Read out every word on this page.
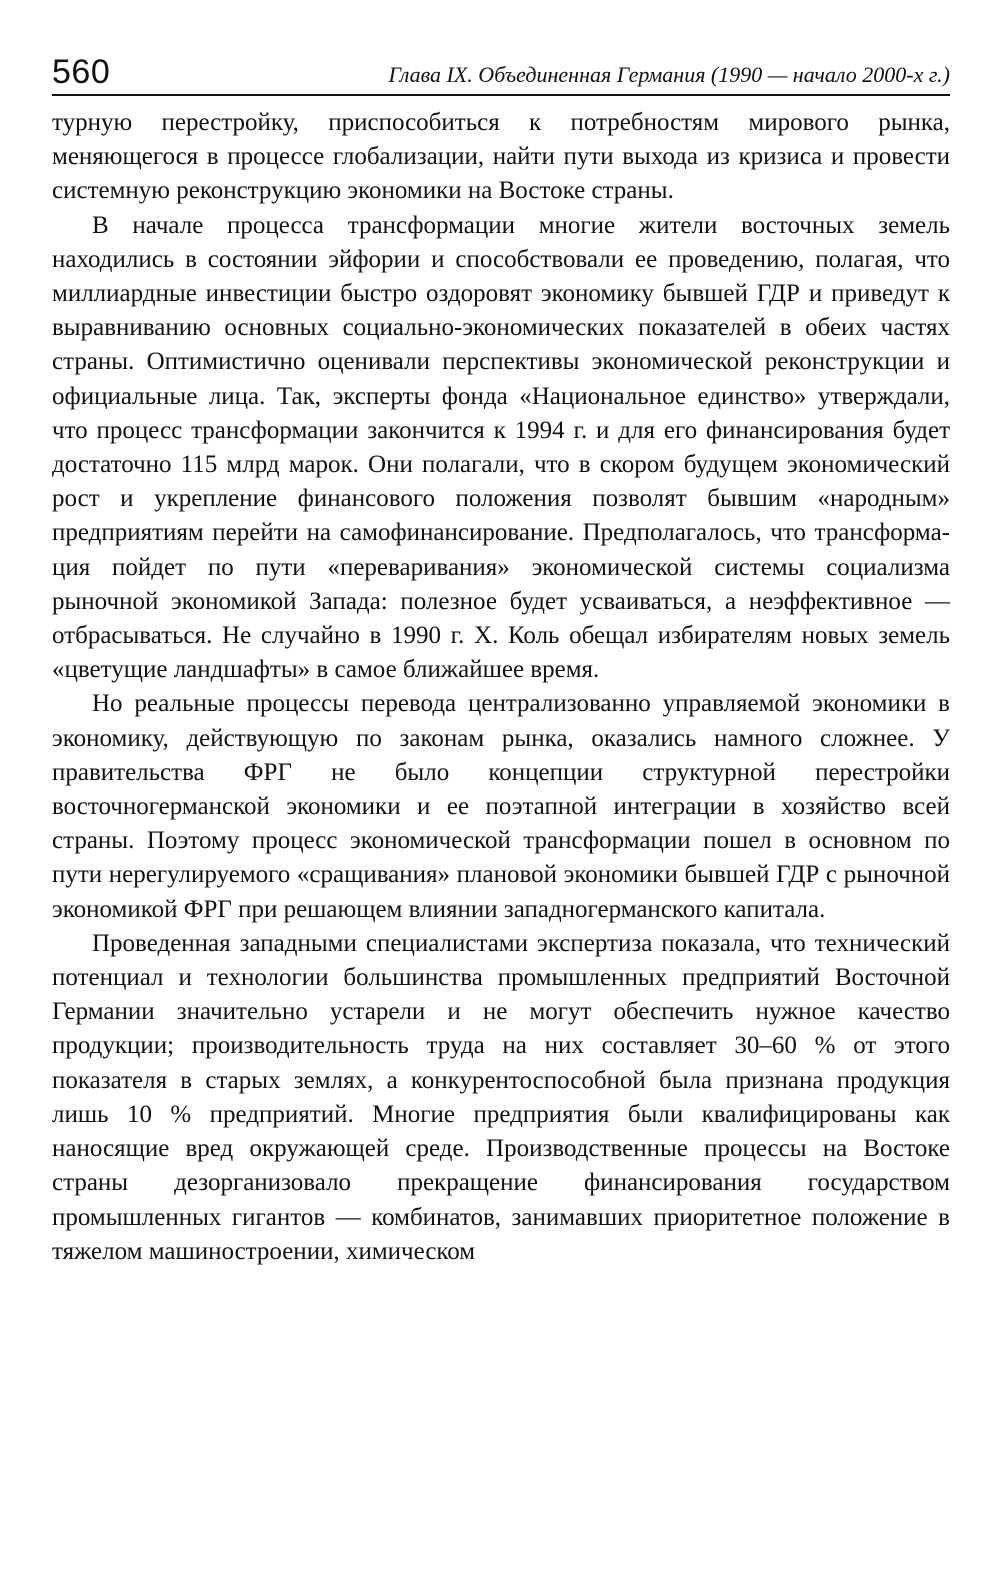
560	Глава IX. Объединенная Германия (1990 — начало 2000-х г.)

турную перестройку, приспособиться к потребностям мирового рынка, меняющегося в процессе глобализации, найти пути выхода из кризиса и провести системную реконструкцию экономики на Востоке страны.

В начале процесса трансформации многие жители восточных земель находились в состоянии эйфории и способствовали ее проведению, полагая, что миллиардные инвестиции быстро оздоровят экономику бывшей ГДР и приведут к выравниванию основных социально-экономических показателей в обеих частях страны. Оптимистично оценивали перспективы экономической реконструкции и официальные лица. Так, эксперты фонда «Национальное единство» утверждали, что процесс трансформации закончится к 1994 г. и для его финансирования будет достаточно 115 млрд марок. Они полагали, что в скором будущем экономический рост и укрепление финансового положения позволят бывшим «народным» предприятиям перейти на самофинансирование. Предполагалось, что трансформация пойдет по пути «переваривания» экономической системы социализма рыночной экономикой Запада: полезное будет усваиваться, а неэффективное — отбрасываться. Не случайно в 1990 г. Х. Коль обещал избирателям новых земель «цветущие ландшафты» в самое ближайшее время.

Но реальные процессы перевода централизованно управляемой экономики в экономику, действующую по законам рынка, оказались намного сложнее. У правительства ФРГ не было концепции структурной перестройки восточногерманской экономики и ее поэтапной интеграции в хозяйство всей страны. Поэтому процесс экономической трансформации пошел в основном по пути нерегулируемого «сращивания» плановой экономики бывшей ГДР с рыночной экономикой ФРГ при решающем влиянии западногерманского капитала.

Проведенная западными специалистами экспертиза показала, что технический потенциал и технологии большинства промышленных предприятий Восточной Германии значительно устарели и не могут обеспечить нужное качество продукции; производительность труда на них составляет 30–60 % от этого показателя в старых землях, а конкурентоспособной была признана продукция лишь 10 % предприятий. Многие предприятия были квалифицированы как наносящие вред окружающей среде. Производственные процессы на Востоке страны дезорганизовало прекращение финансирования государством промышленных гигантов — комбинатов, занимавших приоритетное положение в тяжелом машиностроении, химическом
